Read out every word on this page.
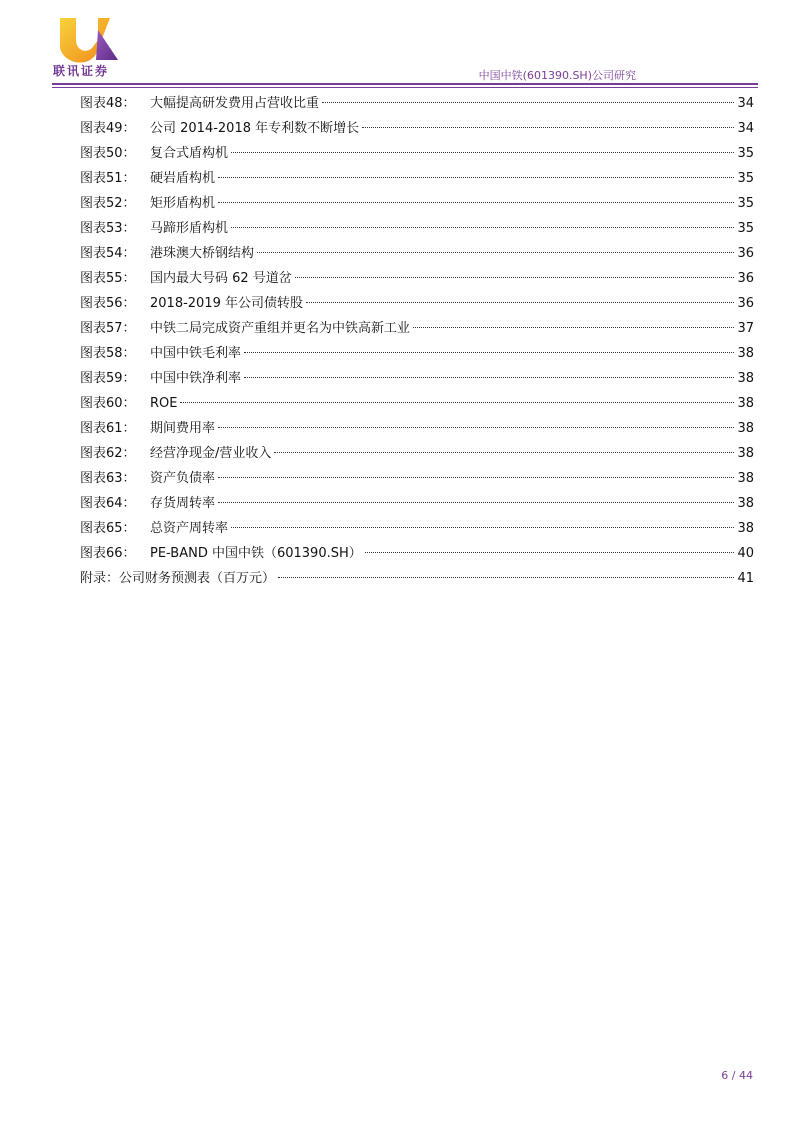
联讯证券	中国中铁(601390.SH)公司研究
图表48：	大幅提高研发费用占营收比重	34
图表49：	公司 2014-2018 年专利数不断增长	34
图表50：	复合式盾构机	35
图表51：	硬岩盾构机	35
图表52：	矩形盾构机	35
图表53：	马蹄形盾构机	35
图表54：	港珠澳大桥钢结构	36
图表55：	国内最大号码 62 号道岔	36
图表56：	2018-2019 年公司债转股	36
图表57：	中铁二局完成资产重组并更名为中铁高新工业	37
图表58：	中国中铁毛利率	38
图表59：	中国中铁净利率	38
图表60：	ROE	38
图表61：	期间费用率	38
图表62：	经营净现金/营业收入	38
图表63：	资产负债率	38
图表64：	存货周转率	38
图表65：	总资产周转率	38
图表66：	PE-BAND 中国中铁（601390.SH）	40
附录：公司财务预测表（百万元）	41
6 / 44
